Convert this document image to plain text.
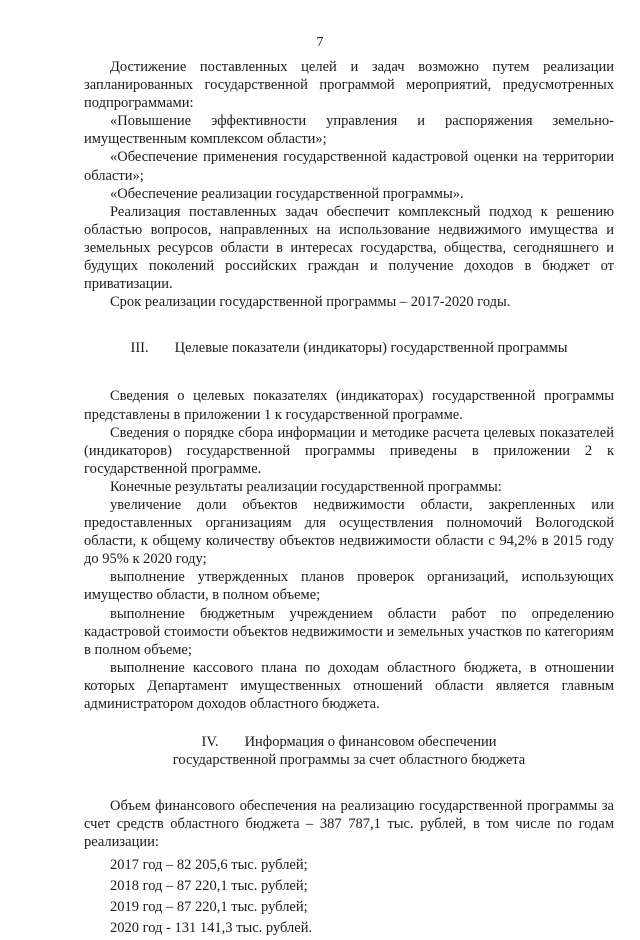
7

Достижение поставленных целей и задач возможно путем реализации запланированных государственной программой мероприятий, предусмотренных подпрограммами:

«Повышение эффективности управления и распоряжения земельно-имущественным комплексом области»;

«Обеспечение применения государственной кадастровой оценки на территории области»;

«Обеспечение реализации государственной программы».

Реализация поставленных задач обеспечит комплексный подход к решению областью вопросов, направленных на использование недвижимого имущества и земельных ресурсов области в интересах государства, общества, сегодняшнего и будущих поколений российских граждан и получение доходов в бюджет от приватизации.

Срок реализации государственной программы – 2017-2020 годы.

III. Целевые показатели (индикаторы) государственной программы

Сведения о целевых показателях (индикаторах) государственной программы представлены в приложении 1 к государственной программе.

Сведения о порядке сбора информации и методике расчета целевых показателей (индикаторов) государственной программы приведены в приложении 2 к государственной программе.

Конечные результаты реализации государственной программы:

увеличение доли объектов недвижимости области, закрепленных или предоставленных организациям для осуществления полномочий Вологодской области, к общему количеству объектов недвижимости области с 94,2% в 2015 году до 95% к 2020 году;

выполнение утвержденных планов проверок организаций, использующих имущество области, в полном объеме;

выполнение бюджетным учреждением области работ по определению кадастровой стоимости объектов недвижимости и земельных участков по категориям в полном объеме;

выполнение кассового плана по доходам областного бюджета, в отношении которых Департамент имущественных отношений области является главным администратором доходов областного бюджета.

IV. Информация о финансовом обеспечении

государственной программы за счет областного бюджета

Объем финансового обеспечения на реализацию государственной программы за счет средств областного бюджета – 387 787,1 тыс. рублей, в том числе по годам реализации:

2017 год – 82 205,6 тыс. рублей;
2018 год – 87 220,1 тыс. рублей;
2019 год – 87 220,1 тыс. рублей;
2020 год - 131 141,3 тыс. рублей.
